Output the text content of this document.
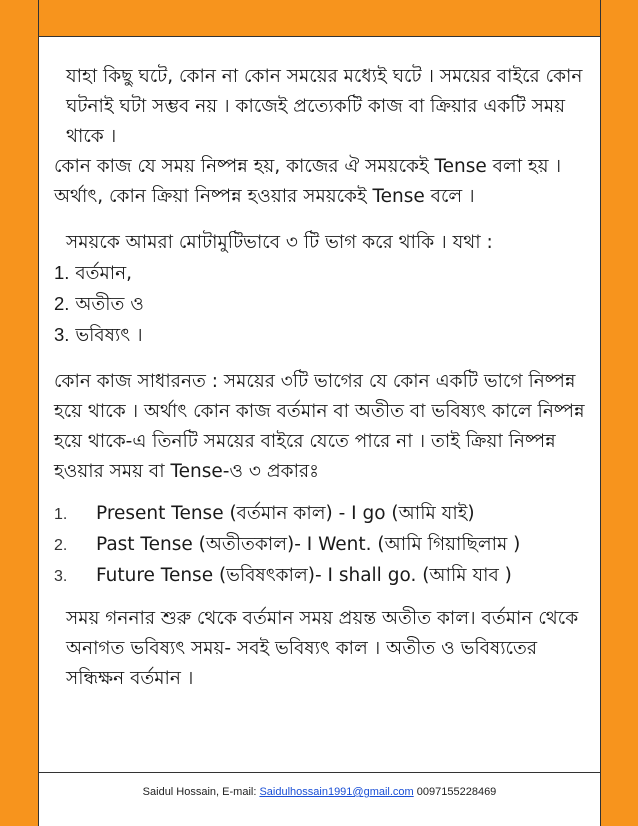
যাহা কিছু ঘটে, কোন না কোন সময়ের মধ্যেই ঘটে । সময়ের বাইরে কোন ঘটনাই ঘটা সম্ভব নয় । কাজেই প্রত্যেকটি কাজ বা ক্রিয়ার একটি সময় থাকে ।

কোন কাজ যে সময় নিষ্পন্ন হয়, কাজের ঐ সময়কেই Tense বলা হয় । অর্থাৎ, কোন ক্রিয়া নিষ্পন্ন হওয়ার সময়কেই Tense বলে ।

সময়কে আমরা মোটামুটিভাবে ৩ টি ভাগ করে থাকি । যথা :

1. বর্তমান,
2. অতীত ও
3. ভবিষ্যৎ ।

কোন কাজ সাধারনত : সময়ের ৩টি ভাগের যে কোন একটি ভাগে নিষ্পন্ন হয়ে থাকে । অর্থাৎ কোন কাজ বর্তমান বা অতীত বা ভবিষ্যৎ কালে নিষ্পন্ন হয়ে থাকে-এ তিনটি সময়ের বাইরে যেতে পারে না । তাই ক্রিয়া নিষ্পন্ন হওয়ার সময় বা Tense-ও ৩ প্রকারঃ

1.	Present Tense (বর্তমান কাল) - I go (আমি যাই)
2.	Past Tense (অতীতকাল)- I Went. (আমি গিয়াছিলাম )
3.	Future Tense (ভবিষৎকাল)- I shall go. (আমি যাব )

সময় গননার শুরু থেকে বর্তমান সময় প্রয়ন্ত অতীত কাল। বর্তমান থেকে অনাগত ভবিষ্যৎ সময়- সবই ভবিষ্যৎ কাল । অতীত ও ভবিষ্যতের সন্ধিক্ষন বর্তমান ।

Saidul Hossain, E-mail: Saidulhossain1991@gmail.com 0097155228469
